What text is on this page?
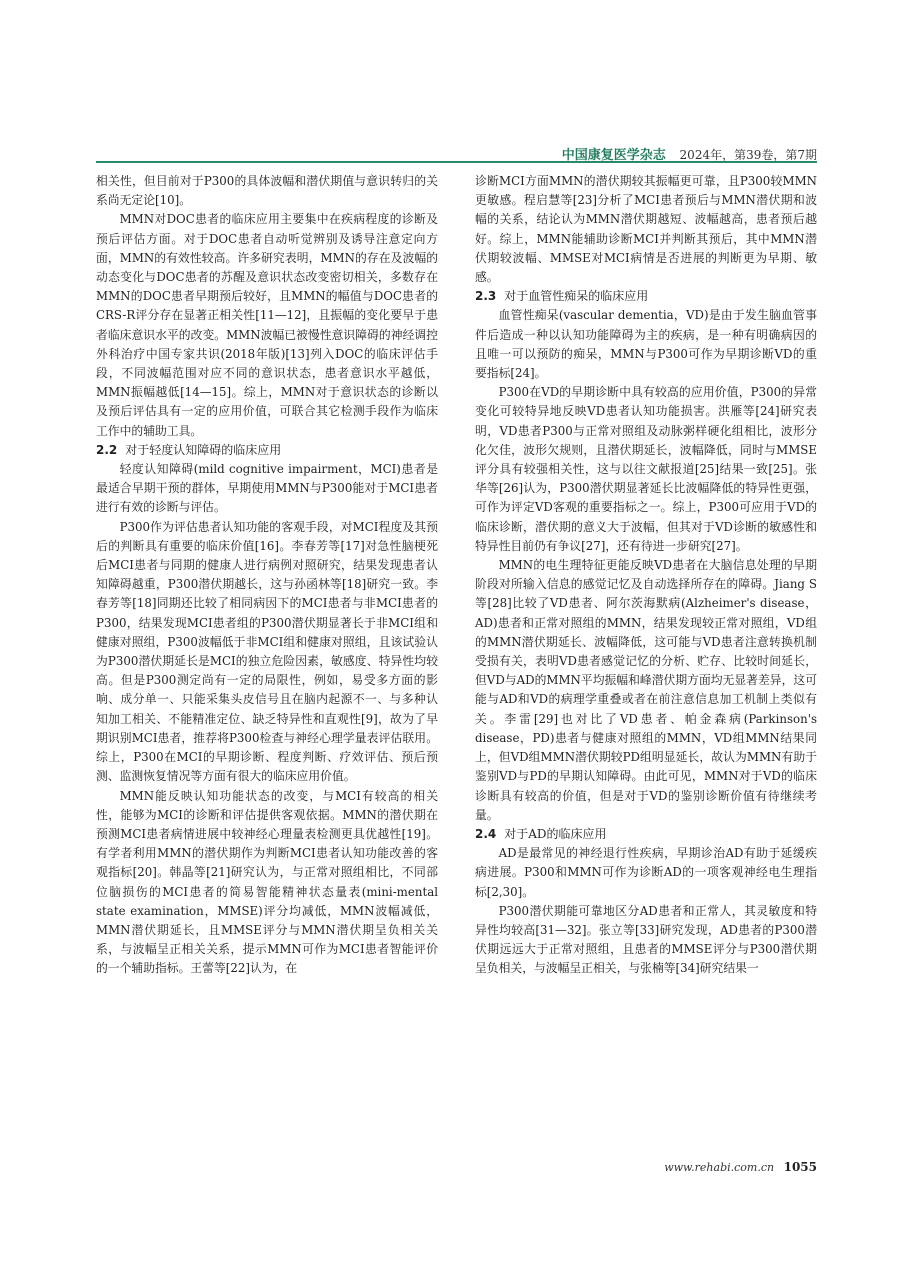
中国康复医学杂志 2024年，第39卷，第7期

相关性，但目前对于P300的具体波幅和潜伏期值与意识转归的关系尚无定论[10]。

MMN对DOC患者的临床应用主要集中在疾病程度的诊断及预后评估方面。对于DOC患者自动听觉辨别及诱导注意定向方面，MMN的有效性较高。许多研究表明，MMN的存在及波幅的动态变化与DOC患者的苏醒及意识状态改变密切相关，多数存在MMN的DOC患者早期预后较好，且MMN的幅值与DOC患者的CRS-R评分存在显著正相关性[11—12]，且振幅的变化要早于患者临床意识水平的改变。MMN波幅已被慢性意识障碍的神经调控外科治疗中国专家共识(2018年版)[13]列入DOC的临床评估手段，不同波幅范围对应不同的意识状态，患者意识水平越低，MMN振幅越低[14—15]。综上，MMN对于意识状态的诊断以及预后评估具有一定的应用价值，可联合其它检测手段作为临床工作中的辅助工具。

2.2 对于轻度认知障碍的临床应用

轻度认知障碍(mild cognitive impairment，MCI)患者是最适合早期干预的群体，早期使用MMN与P300能对于MCI患者进行有效的诊断与评估。

P300作为评估患者认知功能的客观手段，对MCI程度及其预后的判断具有重要的临床价值[16]。李春芳等[17]对急性脑梗死后MCI患者与同期的健康人进行病例对照研究，结果发现患者认知障碍越重，P300潜伏期越长，这与孙函林等[18]研究一致。李春芳等[18]同期还比较了相同病因下的MCI患者与非MCI患者的P300，结果发现MCI患者组的P300潜伏期显著长于非MCI组和健康对照组，P300波幅低于非MCI组和健康对照组，且该试验认为P300潜伏期延长是MCI的独立危险因素，敏感度、特异性均较高。但是P300测定尚有一定的局限性，例如，易受多方面的影响、成分单一、只能采集头皮信号且在脑内起源不一、与多种认知加工相关、不能精准定位、缺乏特异性和直观性[9]，故为了早期识别MCI患者，推荐将P300检查与神经心理学量表评估联用。综上，P300在MCI的早期诊断、程度判断、疗效评估、预后预测、监测恢复情况等方面有很大的临床应用价值。

MMN能反映认知功能状态的改变，与MCI有较高的相关性，能够为MCI的诊断和评估提供客观依据。MMN的潜伏期在预测MCI患者病情进展中较神经心理量表检测更具优越性[19]。有学者利用MMN的潜伏期作为判断MCI患者认知功能改善的客观指标[20]。韩晶等[21]研究认为，与正常对照组相比，不同部位脑损伤的MCI患者的简易智能精神状态量表(mini-mental state examination，MMSE)评分均减低，MMN波幅减低，MMN潜伏期延长，且MMSE评分与MMN潜伏期呈负相关关系，与波幅呈正相关关系，提示MMN可作为MCI患者智能评价的一个辅助指标。王蕾等[22]认为，在

诊断MCI方面MMN的潜伏期较其振幅更可靠，且P300较MMN更敏感。程启慧等[23]分析了MCI患者预后与MMN潜伏期和波幅的关系，结论认为MMN潜伏期越短、波幅越高，患者预后越好。综上，MMN能辅助诊断MCI并判断其预后，其中MMN潜伏期较波幅、MMSE对MCI病情是否进展的判断更为早期、敏感。

2.3 对于血管性痴呆的临床应用

血管性痴呆(vascular dementia，VD)是由于发生脑血管事件后造成一种以认知功能障碍为主的疾病，是一种有明确病因的且唯一可以预防的痴呆，MMN与P300可作为早期诊断VD的重要指标[24]。

P300在VD的早期诊断中具有较高的应用价值，P300的异常变化可较特异地反映VD患者认知功能损害。洪雁等[24]研究表明，VD患者P300与正常对照组及动脉粥样硬化组相比，波形分化欠佳，波形欠规则，且潜伏期延长，波幅降低，同时与MMSE评分具有较强相关性，这与以往文献报道[25]结果一致[25]。张华等[26]认为，P300潜伏期显著延长比波幅降低的特异性更强，可作为评定VD客观的重要指标之一。综上，P300可应用于VD的临床诊断，潜伏期的意义大于波幅，但其对于VD诊断的敏感性和特异性目前仍有争议[27]，还有待进一步研究[27]。

MMN的电生理特征更能反映VD患者在大脑信息处理的早期阶段对所输入信息的感觉记忆及自动选择所存在的障碍。Jiang S等[28]比较了VD患者、阿尔茨海默病(Alzheimer's disease，AD)患者和正常对照组的MMN，结果发现较正常对照组，VD组的MMN潜伏期延长、波幅降低，这可能与VD患者注意转换机制受损有关，表明VD患者感觉记忆的分析、贮存、比较时间延长，但VD与AD的MMN平均振幅和峰潜伏期方面均无显著差异，这可能与AD和VD的病理学重叠或者在前注意信息加工机制上类似有关。李雷[29]也对比了VD患者、帕金森病(Parkinson's disease，PD)患者与健康对照组的MMN，VD组MMN结果同上，但VD组MMN潜伏期较PD组明显延长，故认为MMN有助于鉴别VD与PD的早期认知障碍。由此可见，MMN对于VD的临床诊断具有较高的价值，但是对于VD的鉴别诊断价值有待继续考量。

2.4 对于AD的临床应用

AD是最常见的神经退行性疾病，早期诊治AD有助于延缓疾病进展。P300和MMN可作为诊断AD的一项客观神经电生理指标[2,30]。

P300潜伏期能可靠地区分AD患者和正常人，其灵敏度和特异性均较高[31—32]。张立等[33]研究发现，AD患者的P300潜伏期远远大于正常对照组，且患者的MMSE评分与P300潜伏期呈负相关，与波幅呈正相关，与张楠等[34]研究结果一

www.rehabi.com.cn 1055
